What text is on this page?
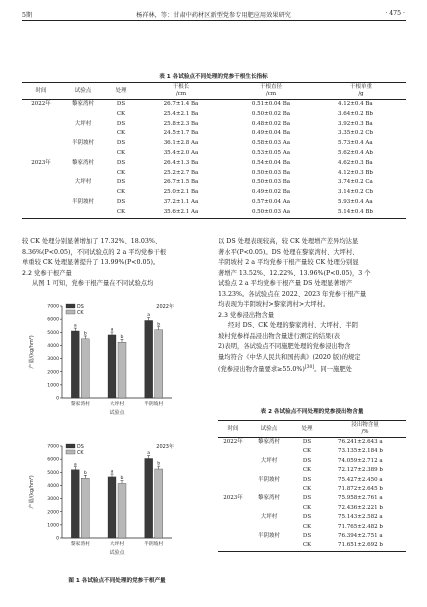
5期	杨祥林，等：甘肃中药材区新型党参专用肥应用效果研究	· 475 ·
表 1 各试验点不同处理的党参干根生长指标
时间	试验点	处理	干根长
/cm	干根直径
/cm	干根单重
/g
2022年	黎家湾村	DS	26.7±1.4 Ba	0.51±0.04 Ba	4.12±0.4 Ba
		CK	25.4±2.1 Ba	0.50±0.02 Ba	3.64±0.2 Bb
	大坪村	DS	25.8±2.3 Ba	0.48±0.02 Ba	3.92±0.3 Ba
		CK	24.5±1.7 Ba	0.49±0.04 Ba	3.35±0.2 Cb
	半阴坡村	DS	36.1±2.8 Aa	0.58±0.03 Aa	5.73±0.4 Aa
		CK	35.4±2.0 Aa	0.53±0.05 Aa	5.62±0.4 Ab
2023年	黎家湾村	DS	26.4±1.3 Ba	0.54±0.04 Ba	4.62±0.3 Ba
		CK	25.2±2.7 Ba	0.50±0.03 Ba	4.12±0.3 Bb
	大坪村	DS	26.7±1.5 Ba	0.50±0.03 Ba	3.74±0.2 Ca
		CK	25.0±2.1 Ba	0.49±0.02 Ba	3.14±0.2 Cb
	半阴坡村	DS	37.2±1.1 Aa	0.57±0.04 Aa	5.93±0.4 Aa
		CK	35.6±2.1 Aa	0.50±0.03 Aa	5.14±0.4 Bb
较 CK 处理分别显著增加了 17.32%、18.03%、
8.36%(P<0.05)，不同试验点的 2 a 平均党参干根
单重较 CK 处理显著提升了 13.99%(P<0.05)。
2.2 党参干根产量
从图 1 可知，党参干根产量在不同试验点均
以 DS 处理表现较高，较 CK 处理增产差异均达显
著水平(P<0.05)。DS 处理在黎家湾村、大坪村、
半阴坡村 2 a 平均党参干根产量较 CK 处理分别显
著增产 13.52%、12.22%、13.96%(P<0.05)，3 个
试验点 2 a 平均党参干根产量 DS 处理显著增产
13.23%。各试验点在 2022、2023 年党参干根产量
均表现为半阴坡村>黎家湾村>大坪村。
2.3 党参浸出物含量
经对 DS、CK 处理的黎家湾村、大坪村、半阴
坡村党参样品浸出物含量进行测定的结果(表
2)表明，各试验点不同施肥处理的党参浸出物含
量均符合《中华人民共和国药典》(2020 版)的规定
(党参浸出物含量要求≥55.0%)[30]。同一施肥处
表 2 各试验点不同处理的党参浸出物含量
时间	试验点	处理	浸出物含量
/%
2022年	黎家湾村	DS	76.241±2.643 a
		CK	73.135±2.184 b
	大坪村	DS	74.059±2.712 a
		CK	72.127±2.389 b
	半阴坡村	DS	75.427±2.450 a
		CK	71.872±2.645 b
2023年	黎家湾村	DS	75.958±2.761 a
		CK	72.436±2.221 b
	大坪村	DS	75.143±2.582 a
		CK	71.765±2.482 b
	半阴坡村	DS	76.394±2.751 a
		CK	71.651±2.692 b
0
1000
2000
3000
4000
5000
6000
7000
产量/(kg/hm²)
2022年
DS
CK
a
b
黎家湾村
a
b
大坪村
a
b
半阴坡村
试验点
0
1000
2000
3000
4000
5000
6000
7000
产量/(kg/hm²)
2023年
DS
CK
a
b
黎家湾村
a
b
大坪村
a
b
半阴坡村
试验点
图 1 各试验点不同处理的党参干根产量
